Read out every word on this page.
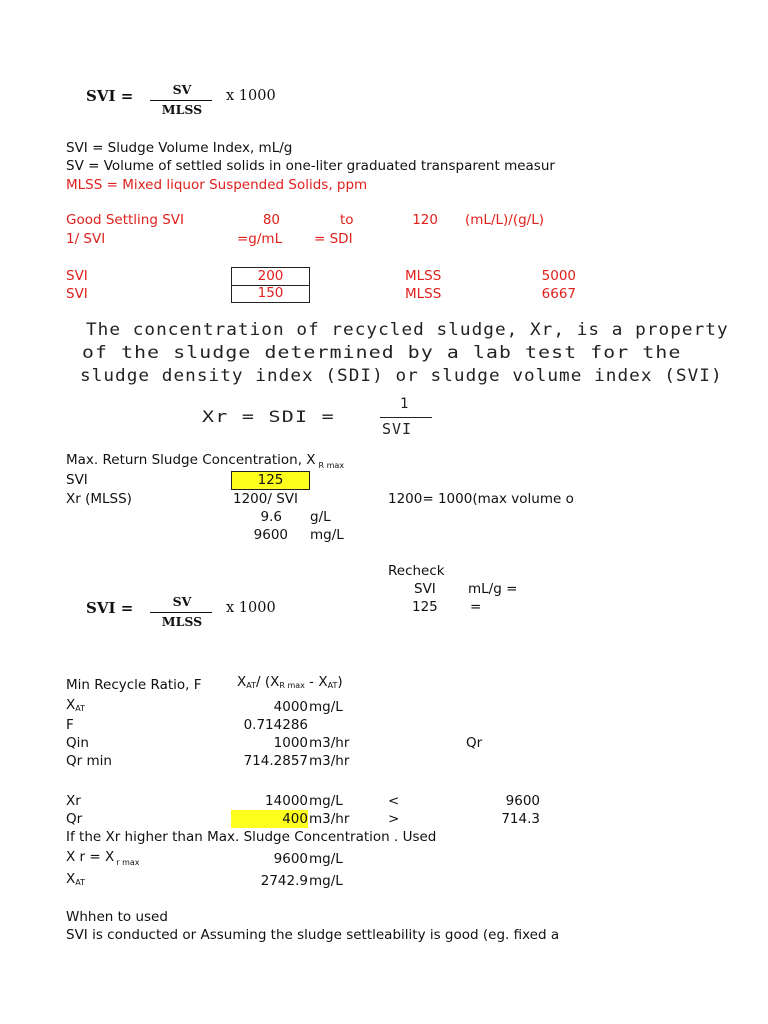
SVI =	SV
MLSS
x 1000
SVI = Sludge Volume Index, mL/g
SV = Volume of settled solids in one-liter graduated transparent measur
MLSS = Mixed liquor Suspended Solids, ppm
Good Settling SVI	80	to	120 (mL/L)/(g/L)
1/ SVI	=g/mL = SDI
SVI	200	MLSS	5000
SVI	150	MLSS	6667
The concentration of recycled sludge, Xr, is a property
of the sludge determined by a lab test for the
sludge density index (SDI) or sludge volume index (SVI)
Xr = SDI =
1
SVI
Max. Return Sludge Concentration, X $_{R max}$
SVI	125
Xr (MLSS)	1200/ SVI	1200= 1000(max volume o
9.6 g/L
9600 mg/L
Recheck
SVI mL/g =
125 =
SVI =	SV
MLSS
x 1000
Min Recycle Ratio, F	XAT/ (XR max - XAT)
XAT	4000 mg/L
F	0.714286
Qin	1000 m3/hr	Qr
Qr min	714.2857 m3/hr
Xr	14000 mg/L	<	9600
Qr	400 m3/hr	>	714.3
If the Xr higher than Max. Sludge Concentration . Used
X r = X $_{r max}$	9600 mg/L
XAT	2742.9 mg/L
Whhen to used
SVI is conducted or Assuming the sludge settleability is good (eg. fixed a
